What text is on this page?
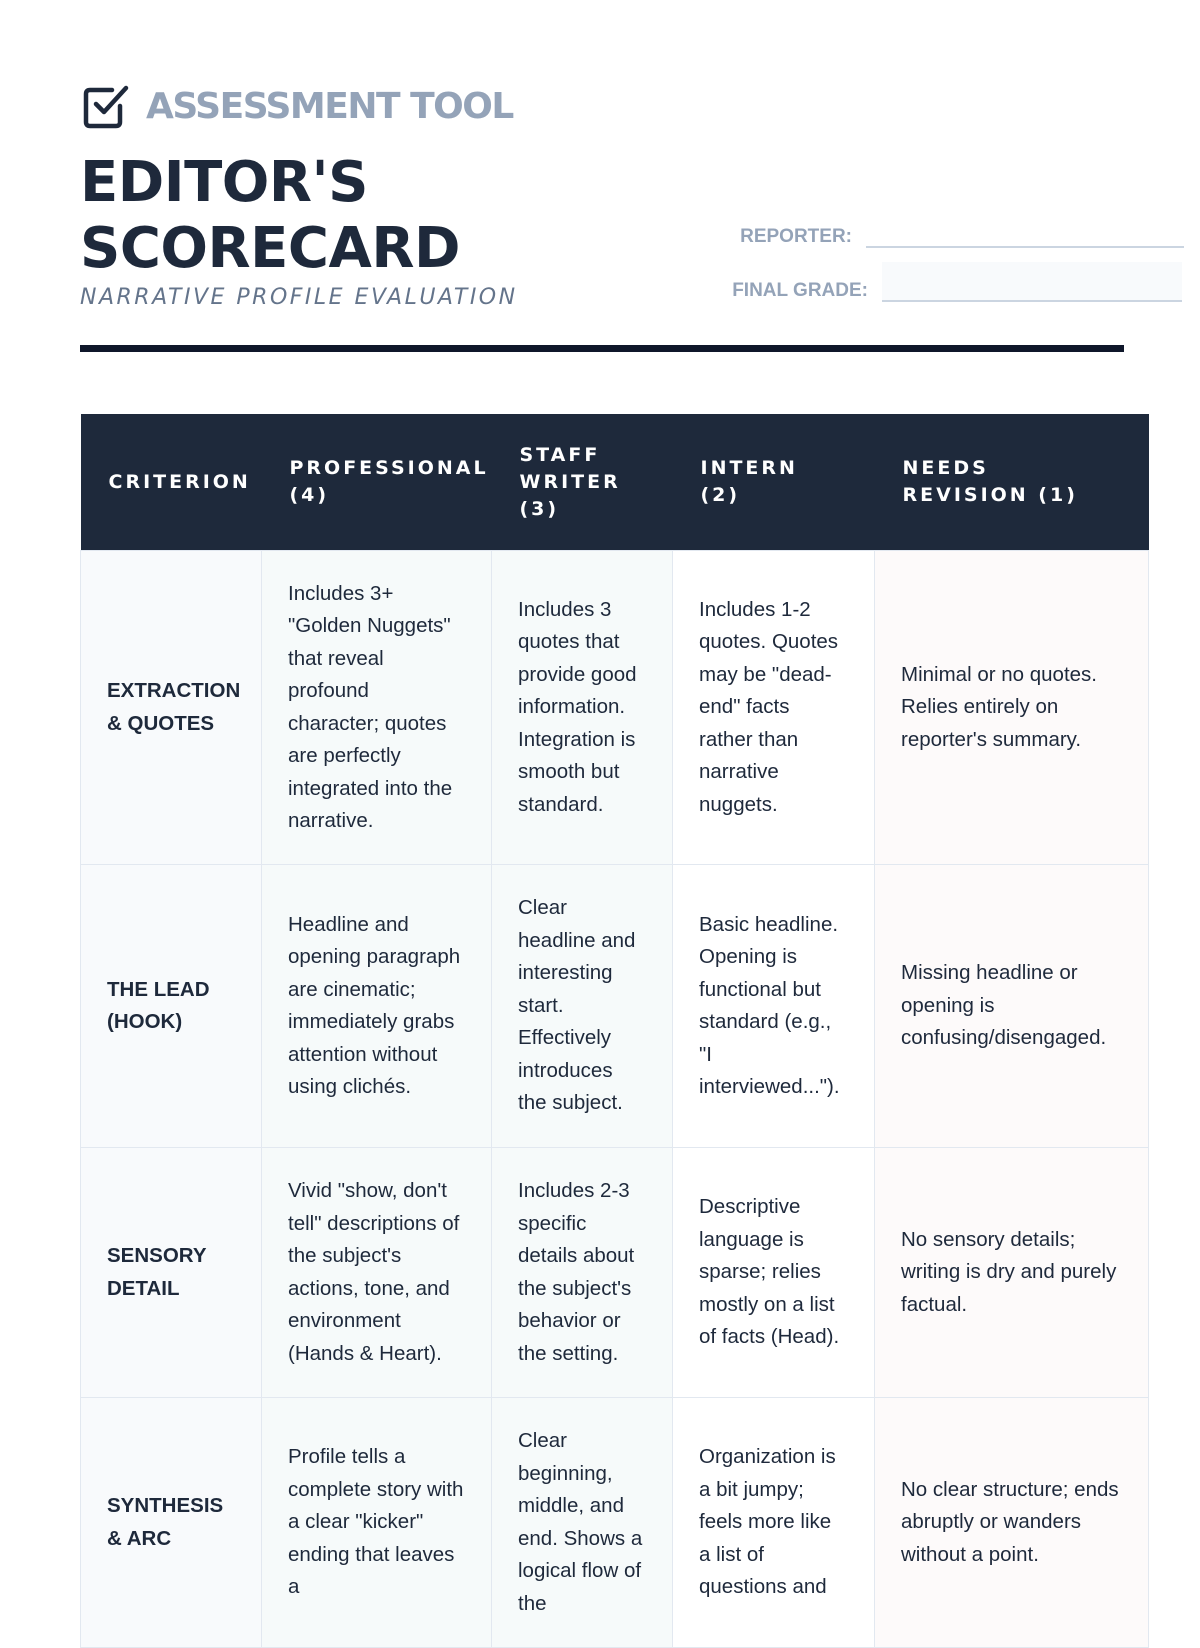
ASSESSMENT TOOL
EDITOR'S
SCORECARD
NARRATIVE PROFILE EVALUATION
REPORTER:
FINAL GRADE:
CRITERION	PROFESSIONAL (4)	STAFF WRITER (3)	INTERN (2)	NEEDS REVISION (1)
EXTRACTION & QUOTES	Includes 3+ "Golden Nuggets" that reveal profound character; quotes are perfectly integrated into the narrative.	Includes 3 quotes that provide good information. Integration is smooth but standard.	Includes 1-2 quotes. Quotes may be "dead-end" facts rather than narrative nuggets.	Minimal or no quotes. Relies entirely on reporter's summary.
THE LEAD (HOOK)	Headline and opening paragraph are cinematic; immediately grabs attention without using clichés.	Clear headline and interesting start. Effectively introduces the subject.	Basic headline. Opening is functional but standard (e.g., "I interviewed...").	Missing headline or opening is confusing/disengaged.
SENSORY DETAIL	Vivid "show, don't tell" descriptions of the subject's actions, tone, and environment (Hands & Heart).	Includes 2-3 specific details about the subject's behavior or the setting.	Descriptive language is sparse; relies mostly on a list of facts (Head).	No sensory details; writing is dry and purely factual.
SYNTHESIS & ARC	Profile tells a complete story with a clear "kicker" ending that leaves a	Clear beginning, middle, and end. Shows a logical flow of the	Organization is a bit jumpy; feels more like a list of questions and	No clear structure; ends abruptly or wanders without a point.
